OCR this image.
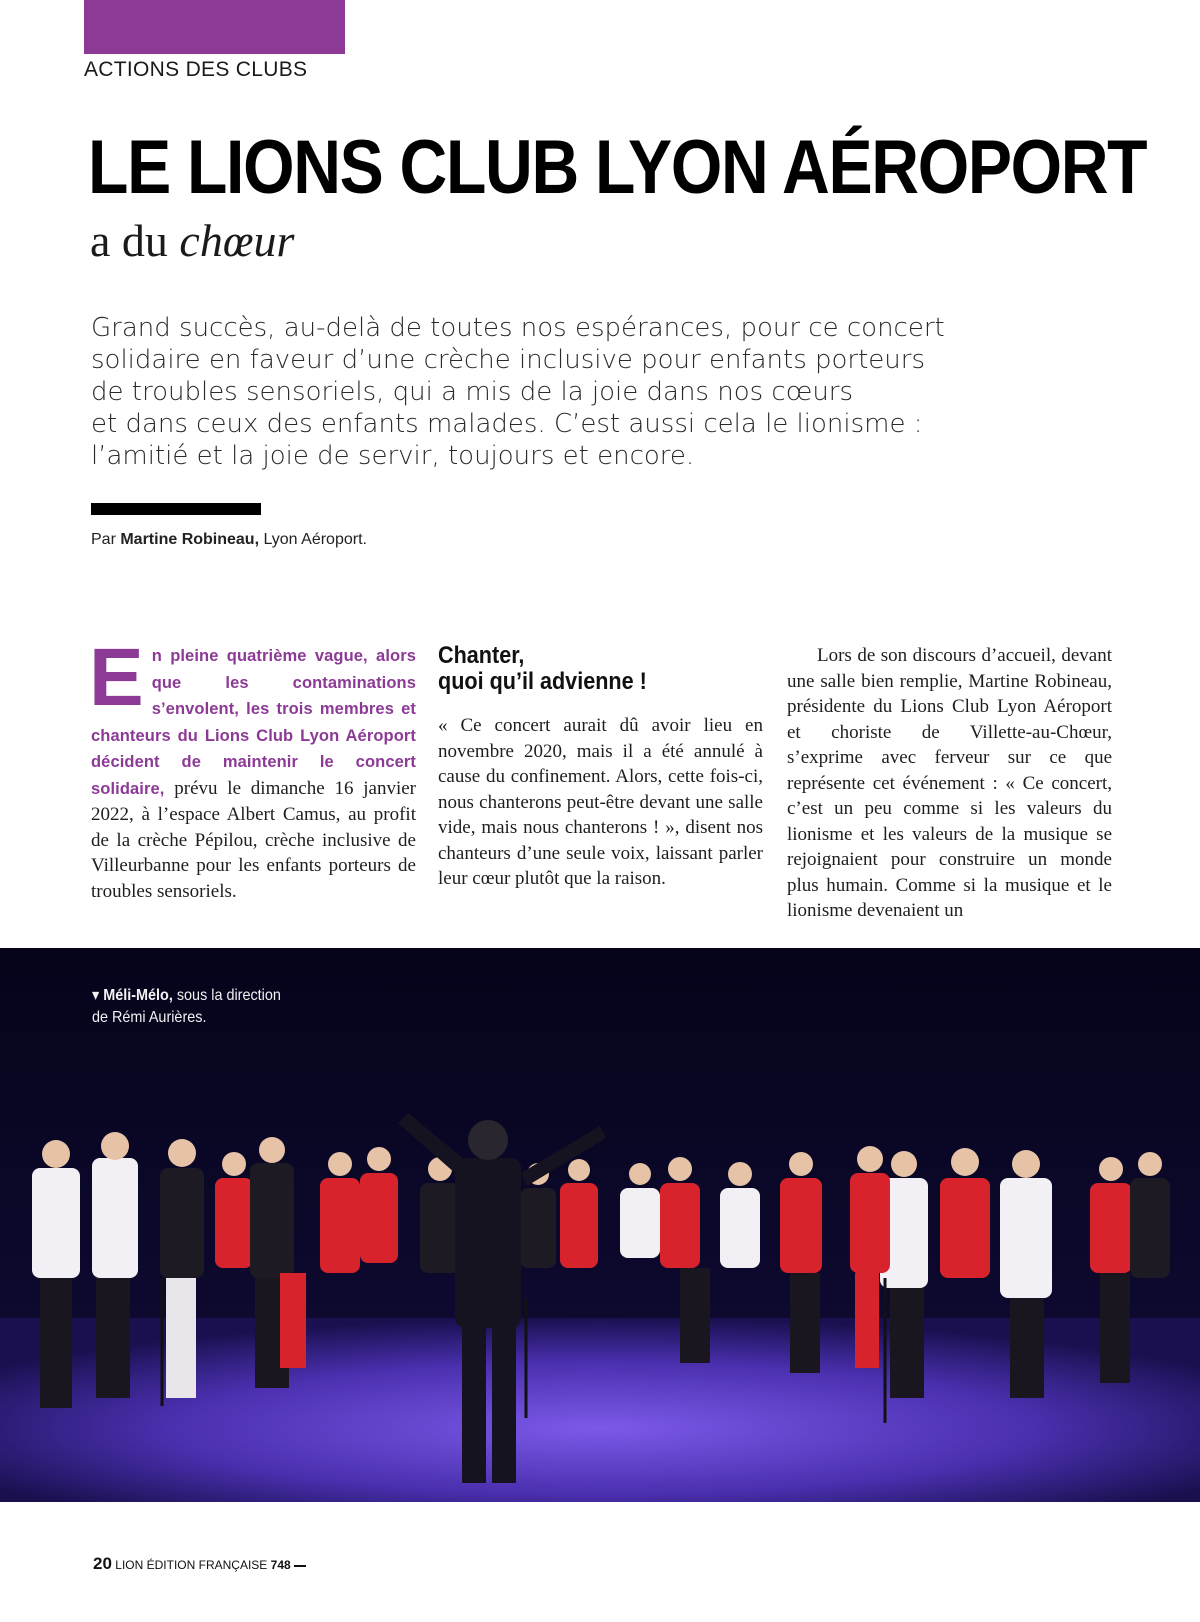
ACTIONS DES CLUBS
LE LIONS CLUB LYON AÉROPORT
a du chœur

Grand succès, au-delà de toutes nos espérances, pour ce concert

solidaire en faveur d’une crèche inclusive pour enfants porteurs

de troubles sensoriels, qui a mis de la joie dans nos cœurs

et dans ceux des enfants malades. C’est aussi cela le lionisme :

l’amitié et la joie de servir, toujours et encore.

Par Martine Robineau, Lyon Aéroport.

En pleine quatrième vague, alors que les contaminations s’envolent, les trois membres et chanteurs du Lions Club Lyon Aéroport décident de maintenir le concert solidaire, prévu le dimanche 16 janvier 2022, à l’espace Albert Camus, au profit de la crèche Pépilou, crèche inclusive de Villeurbanne pour les enfants porteurs de troubles sensoriels.

Chanter,
quoi qu’il advienne !

« Ce concert aurait dû avoir lieu en novembre 2020, mais il a été annulé à cause du confinement. Alors, cette fois-ci, nous chanterons peut-être devant une salle vide, mais nous chanterons ! », disent nos chanteurs d’une seule voix, laissant parler leur cœur plutôt que la raison.

Lors de son discours d’accueil, devant une salle bien remplie, Martine Robineau, présidente du Lions Club Lyon Aéroport et choriste de Villette-au-Chœur, s’exprime avec ferveur sur ce que représente cet événement : « Ce concert, c’est un peu comme si les valeurs du lionisme et les valeurs de la musique se rejoignaient pour construire un monde plus humain. Comme si la musique et le lionisme devenaient un

▾ Méli-Mélo, sous la direction
de Rémi Aurières.
20 LION ÉDITION FRANÇAISE 748
